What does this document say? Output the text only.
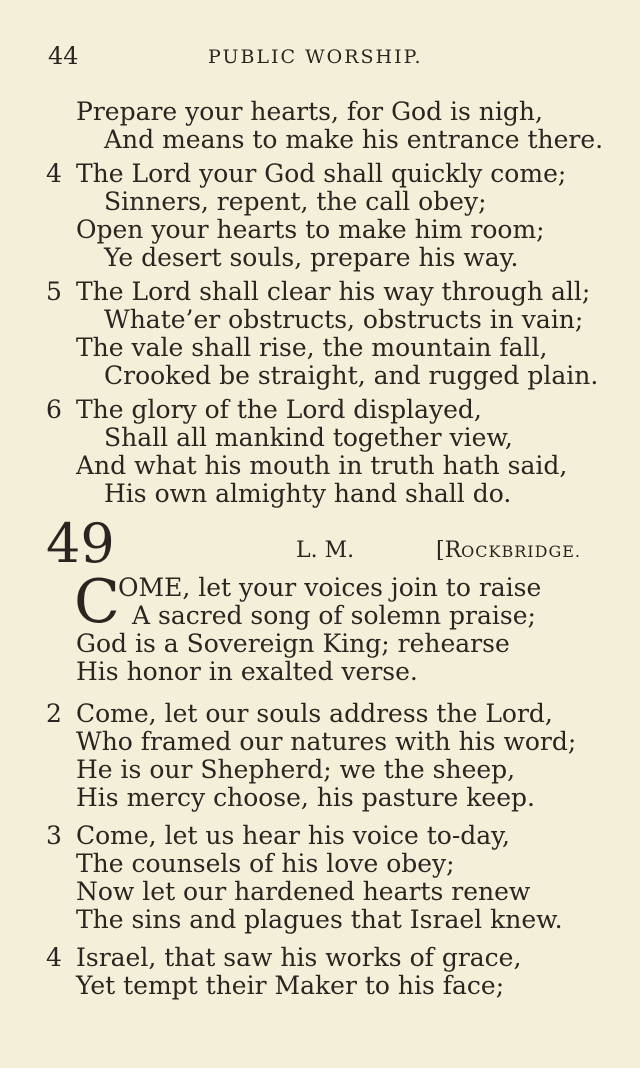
44	PUBLIC WORSHIP.
Prepare your hearts, for God is nigh,
And means to make his entrance there.
4 The Lord your God shall quickly come;
Sinners, repent, the call obey;
Open your hearts to make him room;
Ye desert souls, prepare his way.
5 The Lord shall clear his way through all;
Whate’er obstructs, obstructs in vain;
The vale shall rise, the mountain fall,
Crooked be straight, and rugged plain.
6 The glory of the Lord displayed,
Shall all mankind together view,
And what his mouth in truth hath said,
His own almighty hand shall do.
49	L. M.	[ROCKBRIDGE.
C
OME, let your voices join to raise
A sacred song of solemn praise;
God is a Sovereign King; rehearse
His honor in exalted verse.
2 Come, let our souls address the Lord,
Who framed our natures with his word;
He is our Shepherd; we the sheep,
His mercy choose, his pasture keep.
3 Come, let us hear his voice to-day,
The counsels of his love obey;
Now let our hardened hearts renew
The sins and plagues that Israel knew.
4 Israel, that saw his works of grace,
Yet tempt their Maker to his face;
